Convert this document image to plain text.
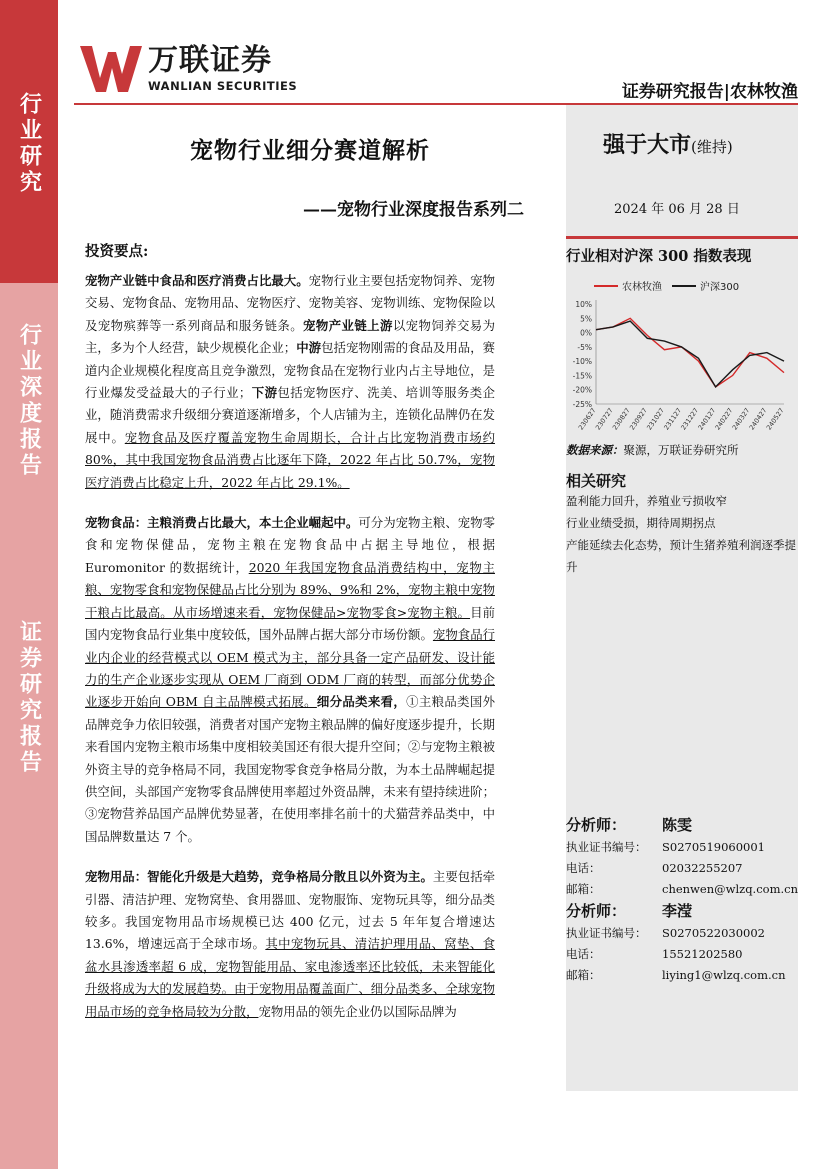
行业研究
行业深度报告
证券研究报告
万联证券
WANLIAN SECURITIES	证券研究报告|农林牧渔
宠物行业细分赛道解析
——宠物行业深度报告系列二
强于大市(维持)
2024 年 06 月 28 日
行业相对沪深 300 指数表现
农林牧渔	沪深300
10%
5%
0%
-5%
-10%
-15%
-20%
-25%
230627
230727
230827
230927
231027
231127
231227
240127
240227
240327
240427
240527
数据来源：聚源，万联证券研究所
相关研究
盈利能力回升，养殖业亏损收窄
行业业绩受损，期待周期拐点
产能延续去化态势，预计生猪养殖利润逐季提升
分析师：	陈雯
执业证书编号：	S0270519060001
电话：	02032255207
邮箱：	chenwen@wlzq.com.cn
分析师：	李滢
执业证书编号：	S0270522030002
电话：	15521202580
邮箱：	liying1@wlzq.com.cn
投资要点:
宠物产业链中食品和医疗消费占比最大。宠物行业主要包括宠物饲养、宠物交易、宠物食品、宠物用品、宠物医疗、宠物美容、宠物训练、宠物保险以及宠物殡葬等一系列商品和服务链条。宠物产业链上游以宠物饲养交易为主，多为个人经营，缺少规模化企业；中游包括宠物刚需的食品及用品，赛道内企业规模化程度高且竞争激烈，宠物食品在宠物行业内占主导地位，是行业爆发受益最大的子行业；下游包括宠物医疗、洗美、培训等服务类企业，随消费需求升级细分赛道逐渐增多，个人店铺为主，连锁化品牌仍在发展中。宠物食品及医疗覆盖宠物生命周期长，合计占比宠物消费市场约80%，其中我国宠物食品消费占比逐年下降，2022 年占比 50.7%，宠物医疗消费占比稳定上升，2022 年占比 29.1%。
宠物食品：主粮消费占比最大，本土企业崛起中。可分为宠物主粮、宠物零食和宠物保健品，宠物主粮在宠物食品中占据主导地位，根据 Euromonitor 的数据统计，2020 年我国宠物食品消费结构中，宠物主粮、宠物零食和宠物保健品占比分别为 89%、9%和 2%，宠物主粮中宠物干粮占比最高。从市场增速来看，宠物保健品>宠物零食>宠物主粮。目前国内宠物食品行业集中度较低，国外品牌占据大部分市场份额。宠物食品行业内企业的经营模式以 OEM 模式为主，部分具备一定产品研发、设计能力的生产企业逐步实现从 OEM 厂商到 ODM 厂商的转型，而部分优势企业逐步开始向 OBM 自主品牌模式拓展。细分品类来看，①主粮品类国外品牌竞争力依旧较强，消费者对国产宠物主粮品牌的偏好度逐步提升，长期来看国内宠物主粮市场集中度相较美国还有很大提升空间；②与宠物主粮被外资主导的竞争格局不同，我国宠物零食竞争格局分散，为本土品牌崛起提供空间，头部国产宠物零食品牌使用率超过外资品牌，未来有望持续进阶；③宠物营养品国产品牌优势显著，在使用率排名前十的犬猫营养品类中，中国品牌数量达 7 个。
宠物用品：智能化升级是大趋势，竞争格局分散且以外资为主。主要包括牵引器、清洁护理、宠物窝垫、食用器皿、宠物服饰、宠物玩具等，细分品类较多。我国宠物用品市场规模已达 400 亿元，过去 5 年年复合增速达 13.6%，增速远高于全球市场。其中宠物玩具、清洁护理用品、窝垫、食盆水具渗透率超 6 成，宠物智能用品、家电渗透率还比较低，未来智能化升级将成为大的发展趋势。由于宠物用品覆盖面广、细分品类多、全球宠物用品市场的竞争格局较为分散，宠物用品的领先企业仍以国际品牌为
